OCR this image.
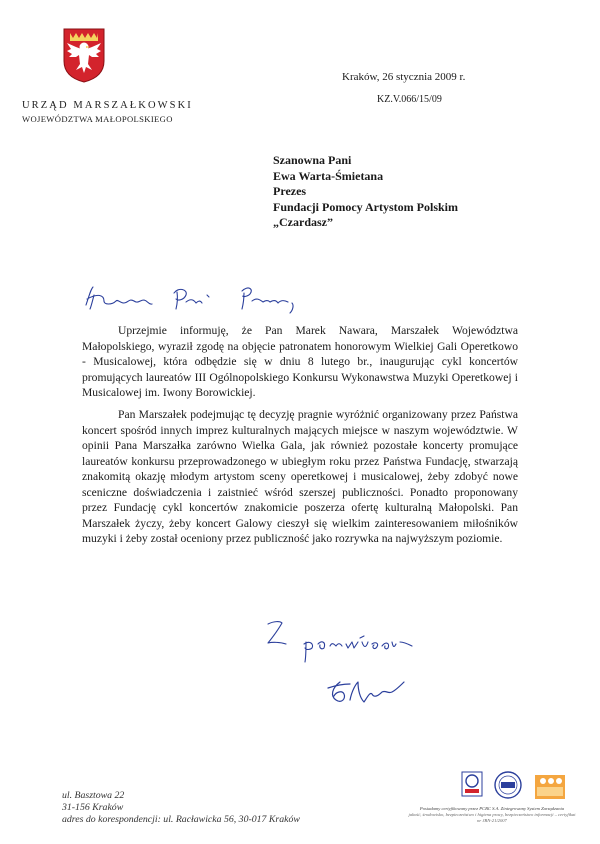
URZĄD MARSZAŁKOWSKI
WOJEWÓDZTWA MAŁOPOLSKIEGO
Kraków, 26 stycznia 2009 r.
KZ.V.066/15/09
Szanowna Pani
Ewa Warta-Śmietana
Prezes
Fundacji Pomocy Artystom Polskim
„Czardasz”

Uprzejmie informuję, że Pan Marek Nawara, Marszałek Województwa Małopolskiego, wyraził zgodę na objęcie patronatem honorowym Wielkiej Gali Operetkowo - Musicalowej, która odbędzie się w dniu 8 lutego br., inaugurując cykl koncertów promujących laureatów III Ogólnopolskiego Konkursu Wykonawstwa Muzyki Operetkowej i Musicalowej im. Iwony Borowickiej.

Pan Marszałek podejmując tę decyzję pragnie wyróżnić organizowany przez Państwa koncert spośród innych imprez kulturalnych mających miejsce w naszym województwie. W opinii Pana Marszałka zarówno Wielka Gala, jak również pozostałe koncerty promujące laureatów konkursu przeprowadzonego w ubiegłym roku przez Państwa Fundację, stwarzają znakomitą okazję młodym artystom sceny operetkowej i musicalowej, żeby zdobyć nowe sceniczne doświadczenia i zaistnieć wśród szerszej publiczności. Ponadto proponowany przez Fundację cykl koncertów znakomicie poszerza ofertę kulturalną Małopolski. Pan Marszałek życzy, żeby koncert Galowy cieszył się wielkim zainteresowaniem miłośników muzyki i żeby został oceniony przez publiczność jako rozrywka na najwyższym poziomie.

ul. Basztowa 22
31-156 Kraków
adres do korespondencji: ul. Racławicka 56, 30-017 Kraków
Posiadamy certyfikowany przez PCBC S.A. Zintegrowany System Zarządzania
jakość, środowisko, bezpieczeństwo i higiena pracy, bezpieczeństwo informacji – certyfikat nr JBN-21/2007
